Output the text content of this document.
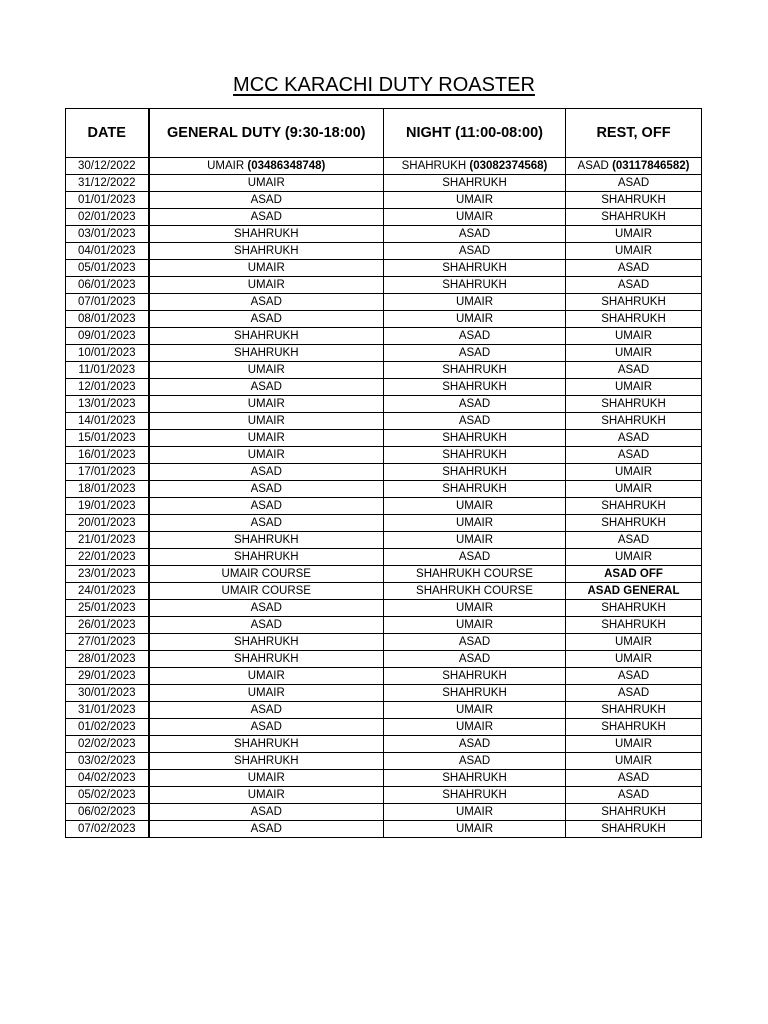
MCC KARACHI DUTY ROASTER
DATE	GENERAL DUTY (9:30-18:00)	NIGHT (11:00-08:00)	REST, OFF
30/12/2022	UMAIR (03486348748)	SHAHRUKH (03082374568)	ASAD (03117846582)
31/12/2022	UMAIR	SHAHRUKH	ASAD
01/01/2023	ASAD	UMAIR	SHAHRUKH
02/01/2023	ASAD	UMAIR	SHAHRUKH
03/01/2023	SHAHRUKH	ASAD	UMAIR
04/01/2023	SHAHRUKH	ASAD	UMAIR
05/01/2023	UMAIR	SHAHRUKH	ASAD
06/01/2023	UMAIR	SHAHRUKH	ASAD
07/01/2023	ASAD	UMAIR	SHAHRUKH
08/01/2023	ASAD	UMAIR	SHAHRUKH
09/01/2023	SHAHRUKH	ASAD	UMAIR
10/01/2023	SHAHRUKH	ASAD	UMAIR
11/01/2023	UMAIR	SHAHRUKH	ASAD
12/01/2023	ASAD	SHAHRUKH	UMAIR
13/01/2023	UMAIR	ASAD	SHAHRUKH
14/01/2023	UMAIR	ASAD	SHAHRUKH
15/01/2023	UMAIR	SHAHRUKH	ASAD
16/01/2023	UMAIR	SHAHRUKH	ASAD
17/01/2023	ASAD	SHAHRUKH	UMAIR
18/01/2023	ASAD	SHAHRUKH	UMAIR
19/01/2023	ASAD	UMAIR	SHAHRUKH
20/01/2023	ASAD	UMAIR	SHAHRUKH
21/01/2023	SHAHRUKH	UMAIR	ASAD
22/01/2023	SHAHRUKH	ASAD	UMAIR
23/01/2023	UMAIR COURSE	SHAHRUKH COURSE	ASAD OFF
24/01/2023	UMAIR COURSE	SHAHRUKH COURSE	ASAD GENERAL
25/01/2023	ASAD	UMAIR	SHAHRUKH
26/01/2023	ASAD	UMAIR	SHAHRUKH
27/01/2023	SHAHRUKH	ASAD	UMAIR
28/01/2023	SHAHRUKH	ASAD	UMAIR
29/01/2023	UMAIR	SHAHRUKH	ASAD
30/01/2023	UMAIR	SHAHRUKH	ASAD
31/01/2023	ASAD	UMAIR	SHAHRUKH
01/02/2023	ASAD	UMAIR	SHAHRUKH
02/02/2023	SHAHRUKH	ASAD	UMAIR
03/02/2023	SHAHRUKH	ASAD	UMAIR
04/02/2023	UMAIR	SHAHRUKH	ASAD
05/02/2023	UMAIR	SHAHRUKH	ASAD
06/02/2023	ASAD	UMAIR	SHAHRUKH
07/02/2023	ASAD	UMAIR	SHAHRUKH
